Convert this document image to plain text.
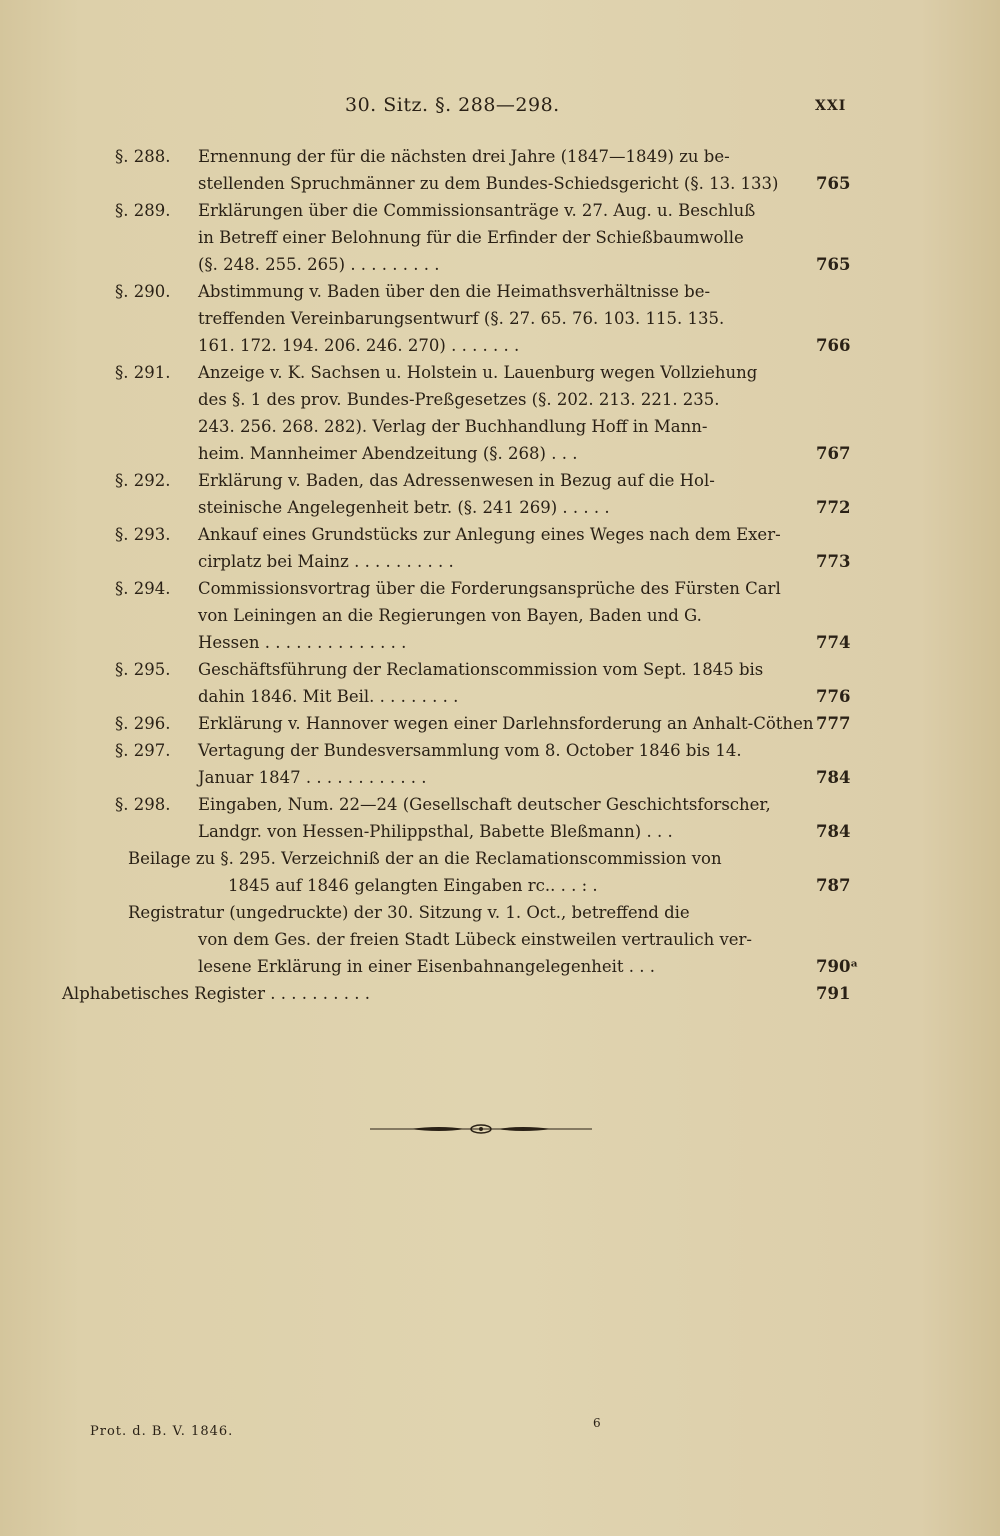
30. Sitz. §. 288—298.	XXI
§. 288. Ernennung der für die nächsten drei Jahre (1847—1849) zu be-
stellenden Spruchmänner zu dem Bundes-Schiedsgericht (§. 13. 133) 765
§. 289. Erklärungen über die Commissionsanträge v. 27. Aug. u. Beschluß
in Betreff einer Belohnung für die Erfinder der Schießbaumwolle
(§. 248. 255. 265) . . . . . . . . .	765
§. 290. Abstimmung v. Baden über den die Heimathsverhältnisse be-
treffenden Vereinbarungsentwurf (§. 27. 65. 76. 103. 115. 135.
161. 172. 194. 206. 246. 270) . . . . . . .	766
§. 291. Anzeige v. K. Sachsen u. Holstein u. Lauenburg wegen Vollziehung
des §. 1 des prov. Bundes-Preßgesetzes (§. 202. 213. 221. 235.
243. 256. 268. 282). Verlag der Buchhandlung Hoff in Mann-
heim. Mannheimer Abendzeitung (§. 268) . . .	767
§. 292. Erklärung v. Baden, das Adressenwesen in Bezug auf die Hol-
steinische Angelegenheit betr. (§. 241 269) . . . . .	772
§. 293. Ankauf eines Grundstücks zur Anlegung eines Weges nach dem Exer-
cirplatz bei Mainz . . . . . . . . . .	773
§. 294. Commissionsvortrag über die Forderungsansprüche des Fürsten Carl
von Leiningen an die Regierungen von Bayen, Baden und G.
Hessen . . . . . . . . . . . . . .	774
§. 295. Geschäftsführung der Reclamationscommission vom Sept. 1845 bis
dahin 1846. Mit Beil. . . . . . . . .	776
§. 296. Erklärung v. Hannover wegen einer Darlehnsforderung an Anhalt-Cöthen 777
§. 297. Vertagung der Bundesversammlung vom 8. October 1846 bis 14.
Januar 1847 . . . . . . . . . . . .	784
§. 298. Eingaben, Num. 22—24 (Gesellschaft deutscher Geschichtsforscher,
Landgr. von Hessen-Philippsthal, Babette Bleßmann) . . .	784
Beilage zu §. 295. Verzeichniß der an die Reclamationscommission von
1845 auf 1846 gelangten Eingaben rc.. . . : .	787
Registratur (ungedruckte) der 30. Sitzung v. 1. Oct., betreffend die
von dem Ges. der freien Stadt Lübeck einstweilen vertraulich ver-
lesene Erklärung in einer Eisenbahnangelegenheit . . .	790ᵃ
Alphabetisches Register . . . . . . . . . .	791
Prot. d. B. V. 1846.
6
